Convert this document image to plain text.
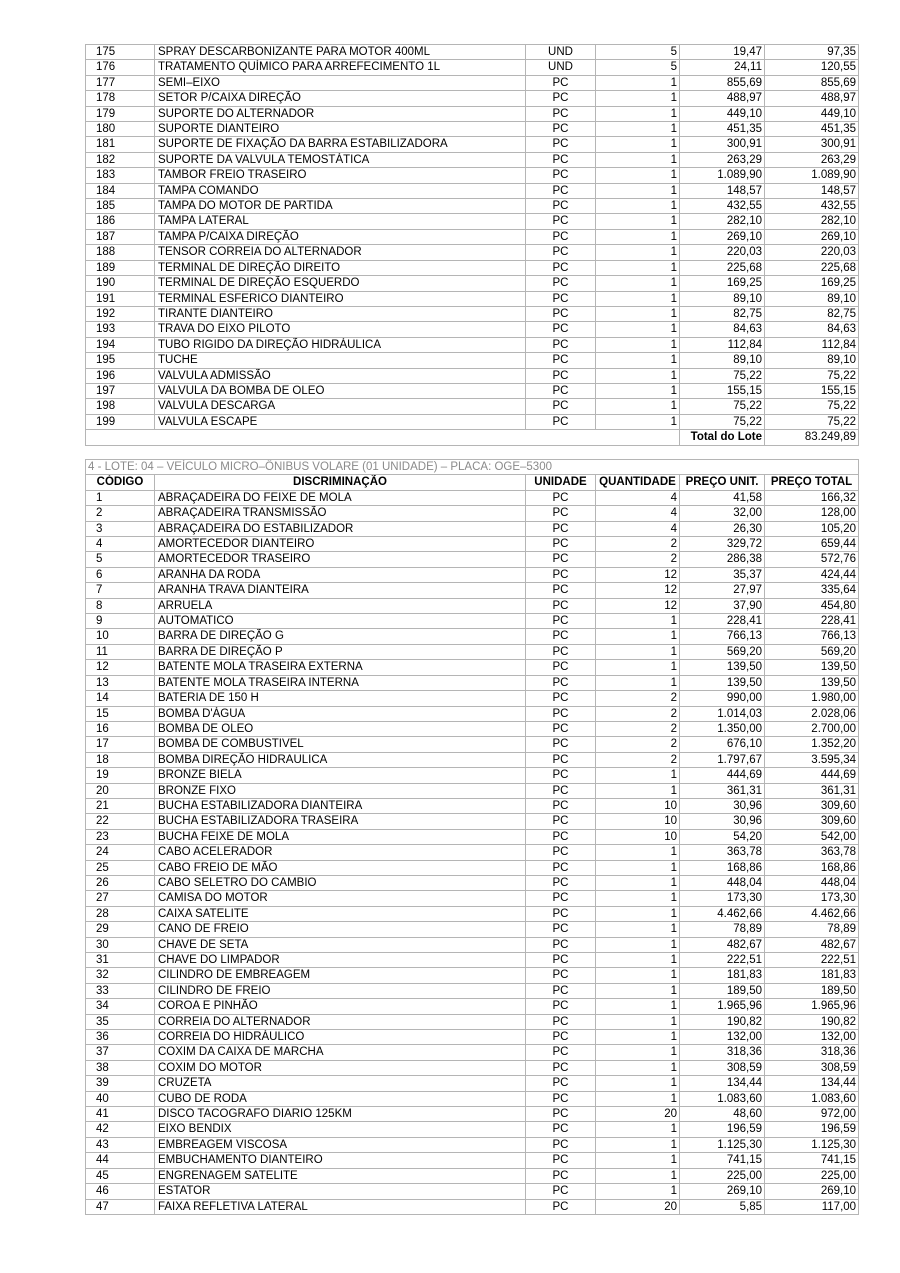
175	SPRAY DESCARBONIZANTE PARA MOTOR 400ML	UND	5	19,47	97,35
176	TRATAMENTO QUÍMICO PARA ARREFECIMENTO 1L	UND	5	24,11	120,55
177	SEMI–EIXO	PC	1	855,69	855,69
178	SETOR P/CAIXA DIREÇÃO	PC	1	488,97	488,97
179	SUPORTE DO ALTERNADOR	PC	1	449,10	449,10
180	SUPORTE DIANTEIRO	PC	1	451,35	451,35
181	SUPORTE DE FIXAÇÃO DA BARRA ESTABILIZADORA	PC	1	300,91	300,91
182	SUPORTE DA VALVULA TEMOSTÁTICA	PC	1	263,29	263,29
183	TAMBOR FREIO TRASEIRO	PC	1	1.089,90	1.089,90
184	TAMPA COMANDO	PC	1	148,57	148,57
185	TAMPA DO MOTOR DE PARTIDA	PC	1	432,55	432,55
186	TAMPA LATERAL	PC	1	282,10	282,10
187	TAMPA P/CAIXA DIREÇÃO	PC	1	269,10	269,10
188	TENSOR CORREIA DO ALTERNADOR	PC	1	220,03	220,03
189	TERMINAL DE DIREÇÃO DIREITO	PC	1	225,68	225,68
190	TERMINAL DE DIREÇÃO ESQUERDO	PC	1	169,25	169,25
191	TERMINAL ESFERICO DIANTEIRO	PC	1	89,10	89,10
192	TIRANTE DIANTEIRO	PC	1	82,75	82,75
193	TRAVA DO EIXO PILOTO	PC	1	84,63	84,63
194	TUBO RIGIDO DA DIREÇÃO HIDRÁULICA	PC	1	112,84	112,84
195	TUCHE	PC	1	89,10	89,10
196	VALVULA ADMISSÃO	PC	1	75,22	75,22
197	VALVULA DA BOMBA DE OLEO	PC	1	155,15	155,15
198	VALVULA DESCARGA	PC	1	75,22	75,22
199	VALVULA ESCAPE	PC	1	75,22	75,22
				Total do Lote	83.249,89
4 - LOTE: 04 – VEÍCULO MICRO–ÔNIBUS VOLARE (01 UNIDADE) – PLACA: OGE–5300					
CÓDIGO	DISCRIMINAÇÃO	UNIDADE	QUANTIDADE	PREÇO UNIT.	PREÇO TOTAL
1	ABRAÇADEIRA DO FEIXE DE MOLA	PC	4	41,58	166,32
2	ABRAÇADEIRA TRANSMISSÃO	PC	4	32,00	128,00
3	ABRAÇADEIRA DO ESTABILIZADOR	PC	4	26,30	105,20
4	AMORTECEDOR DIANTEIRO	PC	2	329,72	659,44
5	AMORTECEDOR TRASEIRO	PC	2	286,38	572,76
6	ARANHA DA RODA	PC	12	35,37	424,44
7	ARANHA TRAVA DIANTEIRA	PC	12	27,97	335,64
8	ARRUELA	PC	12	37,90	454,80
9	AUTOMATICO	PC	1	228,41	228,41
10	BARRA DE DIREÇÃO G	PC	1	766,13	766,13
11	BARRA DE DIREÇÃO P	PC	1	569,20	569,20
12	BATENTE MOLA TRASEIRA EXTERNA	PC	1	139,50	139,50
13	BATENTE MOLA TRASEIRA INTERNA	PC	1	139,50	139,50
14	BATERIA DE 150 H	PC	2	990,00	1.980,00
15	BOMBA D'ÁGUA	PC	2	1.014,03	2.028,06
16	BOMBA DE OLEO	PC	2	1.350,00	2.700,00
17	BOMBA DE COMBUSTIVEL	PC	2	676,10	1.352,20
18	BOMBA DIREÇÃO HIDRAULICA	PC	2	1.797,67	3.595,34
19	BRONZE BIELA	PC	1	444,69	444,69
20	BRONZE FIXO	PC	1	361,31	361,31
21	BUCHA ESTABILIZADORA DIANTEIRA	PC	10	30,96	309,60
22	BUCHA ESTABILIZADORA TRASEIRA	PC	10	30,96	309,60
23	BUCHA FEIXE DE MOLA	PC	10	54,20	542,00
24	CABO ACELERADOR	PC	1	363,78	363,78
25	CABO FREIO DE MÃO	PC	1	168,86	168,86
26	CABO SELETRO DO CAMBIO	PC	1	448,04	448,04
27	CAMISA DO MOTOR	PC	1	173,30	173,30
28	CAIXA SATELITE	PC	1	4.462,66	4.462,66
29	CANO DE FREIO	PC	1	78,89	78,89
30	CHAVE DE SETA	PC	1	482,67	482,67
31	CHAVE DO LIMPADOR	PC	1	222,51	222,51
32	CILINDRO DE EMBREAGEM	PC	1	181,83	181,83
33	CILINDRO DE FREIO	PC	1	189,50	189,50
34	COROA E PINHÃO	PC	1	1.965,96	1.965,96
35	CORREIA DO ALTERNADOR	PC	1	190,82	190,82
36	CORREIA DO HIDRÁULICO	PC	1	132,00	132,00
37	COXIM DA CAIXA DE MARCHA	PC	1	318,36	318,36
38	COXIM DO MOTOR	PC	1	308,59	308,59
39	CRUZETA	PC	1	134,44	134,44
40	CUBO DE RODA	PC	1	1.083,60	1.083,60
41	DISCO TACOGRAFO DIARIO 125KM	PC	20	48,60	972,00
42	EIXO BENDIX	PC	1	196,59	196,59
43	EMBREAGEM VISCOSA	PC	1	1.125,30	1.125,30
44	EMBUCHAMENTO DIANTEIRO	PC	1	741,15	741,15
45	ENGRENAGEM SATELITE	PC	1	225,00	225,00
46	ESTATOR	PC	1	269,10	269,10
47	FAIXA REFLETIVA LATERAL	PC	20	5,85	117,00
